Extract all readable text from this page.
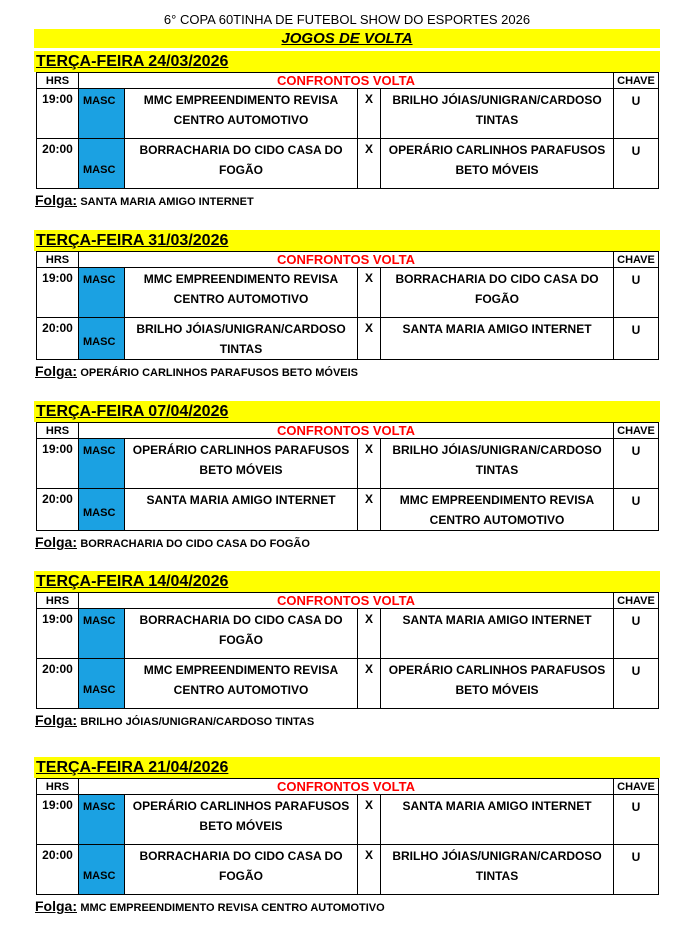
6° COPA 60TINHA DE FUTEBOL SHOW DO ESPORTES 2026
JOGOS DE VOLTA
TERÇA-FEIRA 24/03/2026
HRS	CONFRONTOS VOLTA				CHAVE
19:00	MASC	MMC EMPREENDIMENTO REVISA CENTRO AUTOMOTIVO	X	BRILHO JÓIAS/UNIGRAN/CARDOSO TINTAS	U
20:00	MASC	BORRACHARIA DO CIDO CASA DO FOGÃO	X	OPERÁRIO CARLINHOS PARAFUSOS BETO MÓVEIS	U
Folga: SANTA MARIA AMIGO INTERNET
TERÇA-FEIRA 31/03/2026
HRS	CONFRONTOS VOLTA				CHAVE
19:00	MASC	MMC EMPREENDIMENTO REVISA CENTRO AUTOMOTIVO	X	BORRACHARIA DO CIDO CASA DO FOGÃO	U
20:00	MASC	BRILHO JÓIAS/UNIGRAN/CARDOSO TINTAS	X	SANTA MARIA AMIGO INTERNET	U
Folga: OPERÁRIO CARLINHOS PARAFUSOS BETO MÓVEIS
TERÇA-FEIRA 07/04/2026
HRS	CONFRONTOS VOLTA				CHAVE
19:00	MASC	OPERÁRIO CARLINHOS PARAFUSOS BETO MÓVEIS	X	BRILHO JÓIAS/UNIGRAN/CARDOSO TINTAS	U
20:00	MASC	SANTA MARIA AMIGO INTERNET	X	MMC EMPREENDIMENTO REVISA CENTRO AUTOMOTIVO	U
Folga: BORRACHARIA DO CIDO CASA DO FOGÃO
TERÇA-FEIRA 14/04/2026
HRS	CONFRONTOS VOLTA				CHAVE
19:00	MASC	BORRACHARIA DO CIDO CASA DO FOGÃO	X	SANTA MARIA AMIGO INTERNET	U
20:00	MASC	MMC EMPREENDIMENTO REVISA CENTRO AUTOMOTIVO	X	OPERÁRIO CARLINHOS PARAFUSOS BETO MÓVEIS	U
Folga: BRILHO JÓIAS/UNIGRAN/CARDOSO TINTAS
TERÇA-FEIRA 21/04/2026
HRS	CONFRONTOS VOLTA				CHAVE
19:00	MASC	OPERÁRIO CARLINHOS PARAFUSOS BETO MÓVEIS	X	SANTA MARIA AMIGO INTERNET	U
20:00	MASC	BORRACHARIA DO CIDO CASA DO FOGÃO	X	BRILHO JÓIAS/UNIGRAN/CARDOSO TINTAS	U
Folga: MMC EMPREENDIMENTO REVISA CENTRO AUTOMOTIVO
